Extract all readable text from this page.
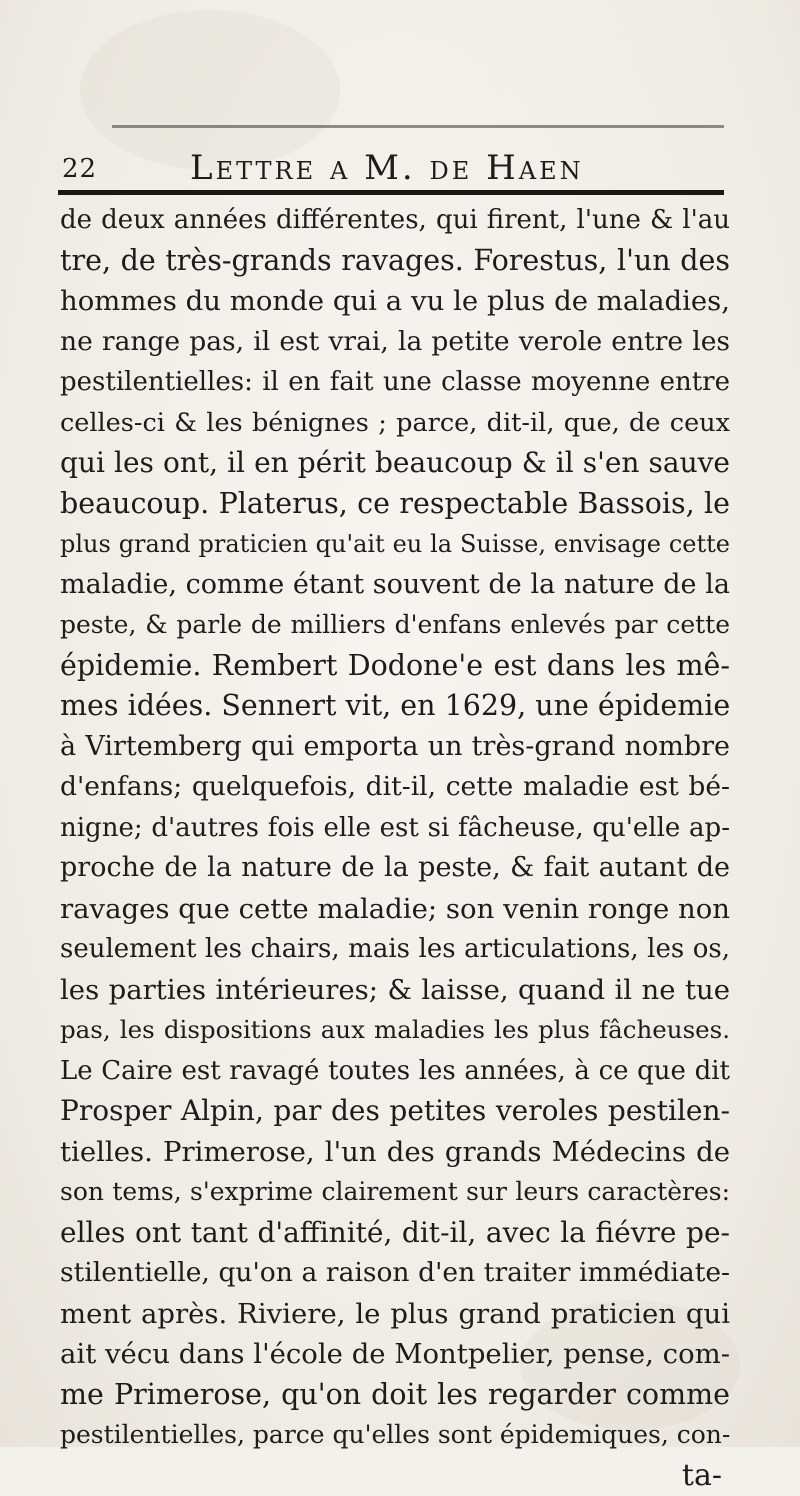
22	Lettre a M. de Haen
de deux années différentes, qui firent, l'une & l'au
tre, de très-grands ravages. Forestus, l'un des
hommes du monde qui a vu le plus de maladies,
ne range pas, il est vrai, la petite verole entre les
pestilentielles: il en fait une classe moyenne entre
celles-ci & les bénignes ; parce, dit-il, que, de ceux
qui les ont, il en périt beaucoup & il s'en sauve
beaucoup. Platerus, ce respectable Bassois, le
plus grand praticien qu'ait eu la Suisse, envisage cette
maladie, comme étant souvent de la nature de la
peste, & parle de milliers d'enfans enlevés par cette
épidemie. Rembert Dodone'e est dans les mê-
mes idées. Sennert vit, en 1629, une épidemie
à Virtemberg qui emporta un très-grand nombre
d'enfans; quelquefois, dit-il, cette maladie est bé-
nigne; d'autres fois elle est si fâcheuse, qu'elle ap-
proche de la nature de la peste, & fait autant de
ravages que cette maladie; son venin ronge non
seulement les chairs, mais les articulations, les os,
les parties intérieures; & laisse, quand il ne tue
pas, les dispositions aux maladies les plus fâcheuses.
Le Caire est ravagé toutes les années, à ce que dit
Prosper Alpin, par des petites veroles pestilen-
tielles. Primerose, l'un des grands Médecins de
son tems, s'exprime clairement sur leurs caractères:
elles ont tant d'affinité, dit-il, avec la fiévre pe-
stilentielle, qu'on a raison d'en traiter immédiate-
ment après. Riviere, le plus grand praticien qui
ait vécu dans l'école de Montpelier, pense, com-
me Primerose, qu'on doit les regarder comme
pestilentielles, parce qu'elles sont épidemiques, con-
ta-
